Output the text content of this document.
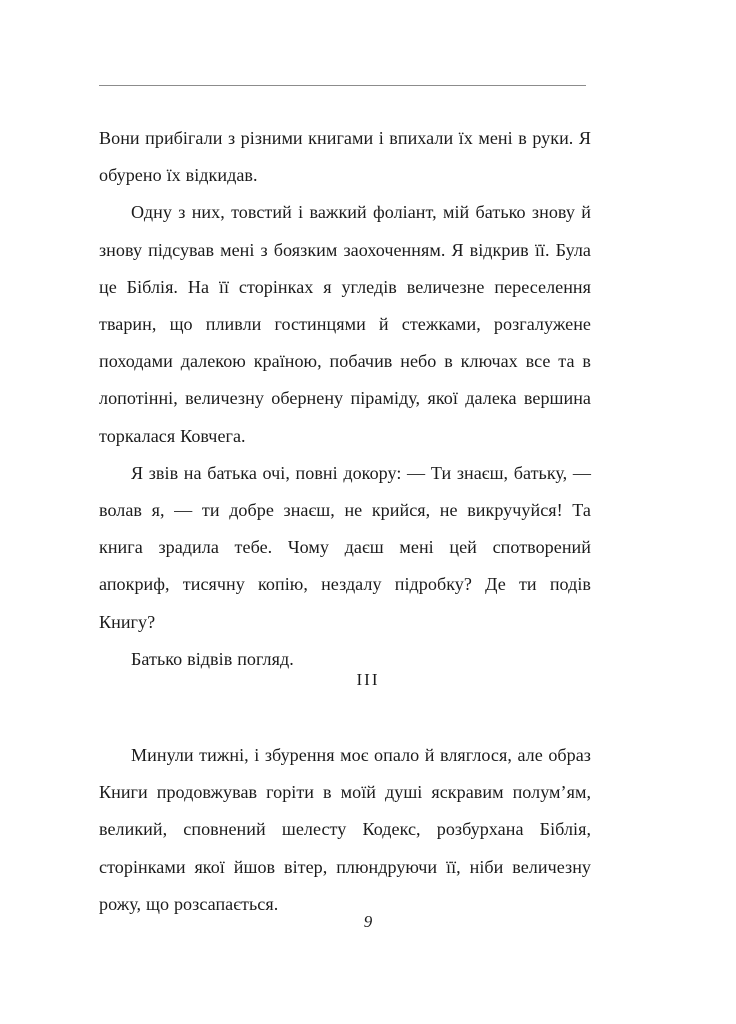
Вони прибігали з різними книгами і впихали їх мені в руки. Я обурено їх відкидав.

Одну з них, товстий і важкий фоліант, мій батько знову й знову підсував мені з боязким заохоченням. Я відкрив її. Була це Біблія. На її сторінках я угледів величезне переселення тварин, що пливли гостинцями й стежками, розгалужене походами далекою країною, побачив небо в ключах все та в лопотінні, величезну обернену піраміду, якої далека вершина торкалася Ковчега.

Я звів на батька очі, повні докору: — Ти знаєш, батьку, — волав я, — ти добре знаєш, не крийся, не викручуйся! Та книга зрадила тебе. Чому даєш мені цей спотворений апокриф, тисячну копію, нездалу підробку? Де ти подів Книгу?

Батько відвів погляд.

III

Минули тижні, і збурення моє опало й вляглося, але образ Книги продовжував горіти в моїй душі яскравим полум’ям, великий, сповнений шелесту Кодекс, розбурхана Біблія, сторінками якої йшов вітер, плюндруючи її, ніби величезну рожу, що розсапається.

9
